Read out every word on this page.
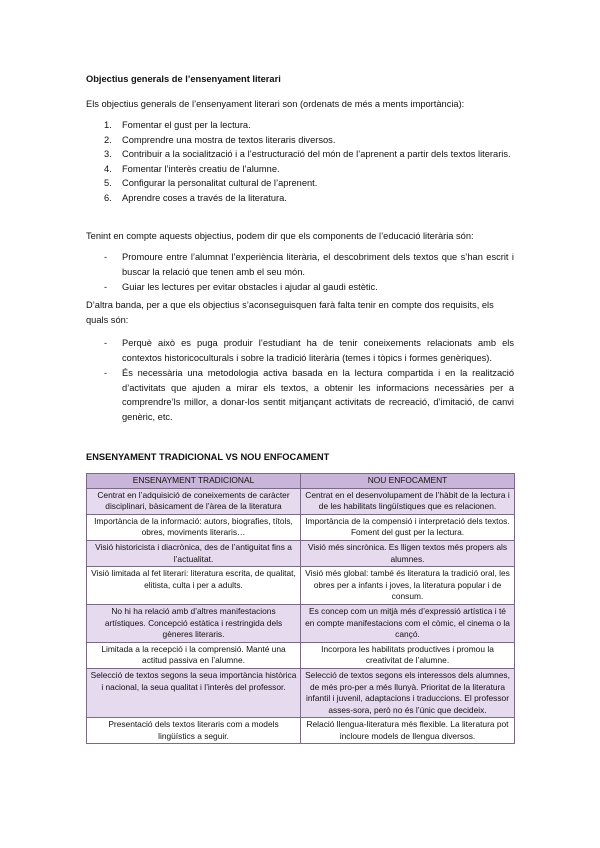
Objectius generals de l’ensenyament literari
Els objectius generals de l’ensenyament literari son (ordenats de més a ments importància):
1. Fomentar el gust per la lectura.
2. Comprendre una mostra de textos literaris diversos.
3. Contribuir a la socialització i a l’estructuració del món de l’aprenent a partir dels textos literaris.
4. Fomentar l’interès creatiu de l’alumne.
5. Configurar la personalitat cultural de l’aprenent.
6. Aprendre coses a través de la literatura.
Tenint en compte aquests objectius, podem dir que els components de l’educació literària són:
- Promoure entre l’alumnat l’experiència literària, el descobriment dels textos que s’han escrit i buscar la relació que tenen amb el seu món.
- Guiar les lectures per evitar obstacles i ajudar al gaudi estètic.
D’altra banda, per a que els objectius s’aconseguisquen farà falta tenir en compte dos requisits, els quals són:
- Perquè això es puga produir l’estudiant ha de tenir coneixements relacionats amb els contextos historicoculturals i sobre la tradició literària (temes i tòpics i formes genèriques).
- És necessària una metodologia activa basada en la lectura compartida i en la realització d’activitats que ajuden a mirar els textos, a obtenir les informacions necessàries per a comprendre’ls millor, a donar-los sentit mitjançant activitats de recreació, d’imitació, de canvi genèric, etc.
ENSENYAMENT TRADICIONAL VS NOU ENFOCAMENT
ENSENAYMENT TRADICIONAL	NOU ENFOCAMENT
Centrat en l’adquisició de coneixements de caràcter disciplinari, bàsicament de l’àrea de la literatura	Centrat en el desenvolupament de l’hàbit de la lectura i de les habilitats lingüístiques que es relacionen.
Importància de la informació: autors, biografies, títols, obres, moviments literaris…	Importància de la compensió i interpretació dels textos. Foment del gust per la lectura.
Visió historicista i diacrònica, des de l’antiguitat fins a l’actualitat.	Visió més sincrònica. Es lligen textos més propers als alumnes.
Visió limitada al fet literari: literatura escrita, de qualitat, elitista, culta i per a adults.	Visió més global: també és literatura la tradició oral, les obres per a infants i joves, la literatura popular i de consum.
No hi ha relació amb d’altres manifestacions artístiques. Concepció estàtica i restringida dels gèneres literaris.	Es concep com un mitjà més d’expressió artística i té en compte manifestacions com el còmic, el cinema o la cançó.
Limitada a la recepció i la comprensió. Manté una actitud passiva en l’alumne.	Incorpora les habilitats productives i promou la creativitat de l’alumne.
Selecció de textos segons la seua importància històrica i nacional, la seua qualitat i l’interès del professor.	Selecció de textos segons els interessos dels alumnes, de més pro-per a més llunyà. Prioritat de la literatura infantil i juvenil, adaptacions i traduccions. El professor asses-sora, però no és l’únic que decideix.
Presentació dels textos literaris com a models lingüístics a seguir.	Relació llengua-literatura més flexible. La literatura pot incloure models de llengua diversos.
